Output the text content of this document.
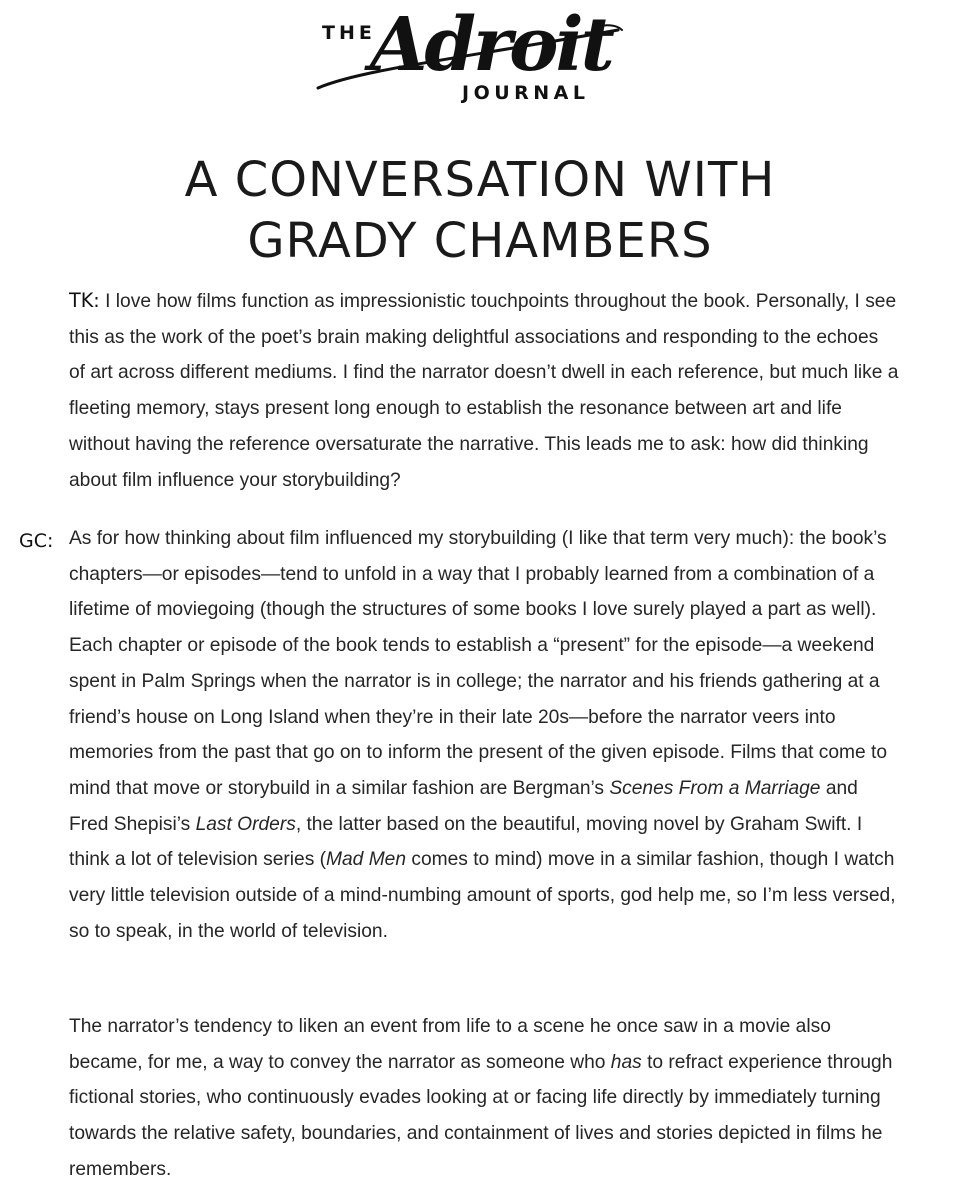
THE
Adroit
JOURNAL
A CONVERSATION WITH
GRADY CHAMBERS

TK: I love how films function as impressionistic touchpoints throughout the book. Personally, I see this as the work of the poet’s brain making delightful associations and responding to the echoes of art across different mediums. I find the narrator doesn’t dwell in each reference, but much like a fleeting memory, stays present long enough to establish the resonance between art and life without having the reference oversaturate the narrative. This leads me to ask: how did thinking about film influence your storybuilding?

GC: As for how thinking about film influenced my storybuilding (I like that term very much): the book’s chapters—or episodes—tend to unfold in a way that I probably learned from a combination of a lifetime of moviegoing (though the structures of some books I love surely played a part as well). Each chapter or episode of the book tends to establish a “present” for the episode—a weekend spent in Palm Springs when the narrator is in college; the narrator and his friends gathering at a friend’s house on Long Island when they’re in their late 20s—before the narrator veers into memories from the past that go on to inform the present of the given episode. Films that come to mind that move or storybuild in a similar fashion are Bergman’s Scenes From a Marriage and Fred Shepisi’s Last Orders, the latter based on the beautiful, moving novel by Graham Swift. I think a lot of television series (Mad Men comes to mind) move in a similar fashion, though I watch very little television outside of a mind-numbing amount of sports, god help me, so I’m less versed, so to speak, in the world of television.

The narrator’s tendency to liken an event from life to a scene he once saw in a movie also became, for me, a way to convey the narrator as someone who has to refract experience through fictional stories, who continuously evades looking at or facing life directly by immediately turning towards the relative safety, boundaries, and containment of lives and stories depicted in films he remembers.
